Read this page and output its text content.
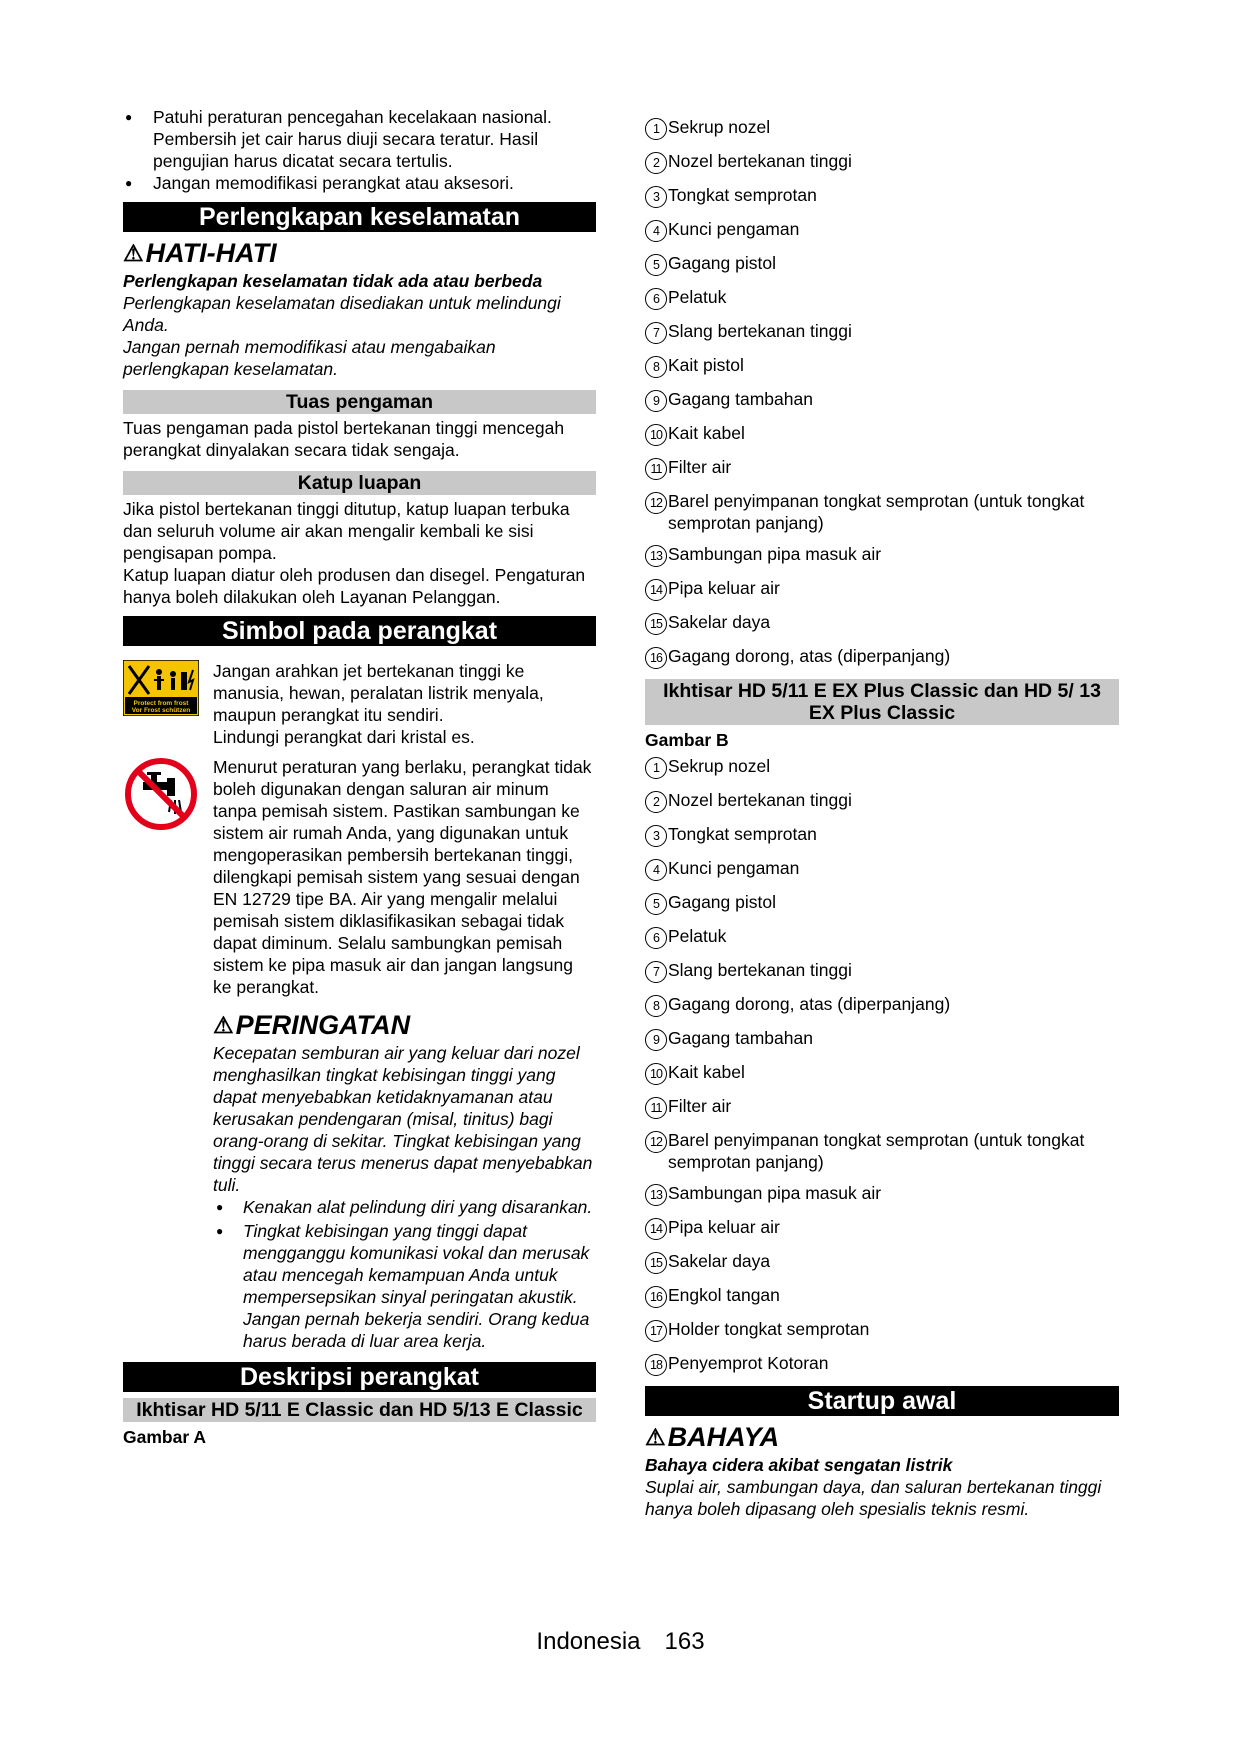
● Patuhi peraturan pencegahan kecelakaan nasional. Pembersih jet cair harus diuji secara teratur. Hasil pengujian harus dicatat secara tertulis.
● Jangan memodifikasi perangkat atau aksesori.
Perlengkapan keselamatan
⚠ HATI-HATI

Perlengkapan keselamatan tidak ada atau berbeda

Perlengkapan keselamatan disediakan untuk melindungi Anda.

Jangan pernah memodifikasi atau mengabaikan perlengkapan keselamatan.

Tuas pengaman

Tuas pengaman pada pistol bertekanan tinggi mencegah perangkat dinyalakan secara tidak sengaja.

Katup luapan

Jika pistol bertekanan tinggi ditutup, katup luapan terbuka dan seluruh volume air akan mengalir kembali ke sisi pengisapan pompa.

Katup luapan diatur oleh produsen dan disegel. Pengaturan hanya boleh dilakukan oleh Layanan Pelanggan.

Simbol pada perangkat
Protect from frost
Vor Frost schützen

Jangan arahkan jet bertekanan tinggi ke manusia, hewan, peralatan listrik menyala, maupun perangkat itu sendiri.

Lindungi perangkat dari kristal es.

Menurut peraturan yang berlaku, perangkat tidak boleh digunakan dengan saluran air minum tanpa pemisah sistem. Pastikan sambungan ke sistem air rumah Anda, yang digunakan untuk mengoperasikan pembersih bertekanan tinggi, dilengkapi pemisah sistem yang sesuai dengan EN 12729 tipe BA. Air yang mengalir melalui pemisah sistem diklasifikasikan sebagai tidak dapat diminum. Selalu sambungkan pemisah sistem ke pipa masuk air dan jangan langsung ke perangkat.

⚠ PERINGATAN

Kecepatan semburan air yang keluar dari nozel menghasilkan tingkat kebisingan tinggi yang dapat menyebabkan ketidaknyamanan atau kerusakan pendengaran (misal, tinitus) bagi orang-orang di sekitar. Tingkat kebisingan yang tinggi secara terus menerus dapat menyebabkan tuli.

● Kenakan alat pelindung diri yang disarankan.
● Tingkat kebisingan yang tinggi dapat mengganggu komunikasi vokal dan merusak atau mencegah kemampuan Anda untuk mempersepsikan sinyal peringatan akustik. Jangan pernah bekerja sendiri. Orang kedua harus berada di luar area kerja.
Deskripsi perangkat
Ikhtisar HD 5/11 E Classic dan HD 5/13 E Classic
Gambar A
1 Sekrup nozel
2 Nozel bertekanan tinggi
3 Tongkat semprotan
4 Kunci pengaman
5 Gagang pistol
6 Pelatuk
7 Slang bertekanan tinggi
8 Kait pistol
9 Gagang tambahan
10 Kait kabel
11 Filter air
12 Barel penyimpanan tongkat semprotan (untuk tongkat semprotan panjang)
13 Sambungan pipa masuk air
14 Pipa keluar air
15 Sakelar daya
16 Gagang dorong, atas (diperpanjang)
Ikhtisar HD 5/11 E EX Plus Classic dan HD 5/ 13 EX Plus Classic
Gambar B
1 Sekrup nozel
2 Nozel bertekanan tinggi
3 Tongkat semprotan
4 Kunci pengaman
5 Gagang pistol
6 Pelatuk
7 Slang bertekanan tinggi
8 Gagang dorong, atas (diperpanjang)
9 Gagang tambahan
10 Kait kabel
11 Filter air
12 Barel penyimpanan tongkat semprotan (untuk tongkat semprotan panjang)
13 Sambungan pipa masuk air
14 Pipa keluar air
15 Sakelar daya
16 Engkol tangan
17 Holder tongkat semprotan
18 Penyemprot Kotoran
Startup awal
⚠ BAHAYA

Bahaya cidera akibat sengatan listrik

Suplai air, sambungan daya, dan saluran bertekanan tinggi hanya boleh dipasang oleh spesialis teknis resmi.

Indonesia 163
